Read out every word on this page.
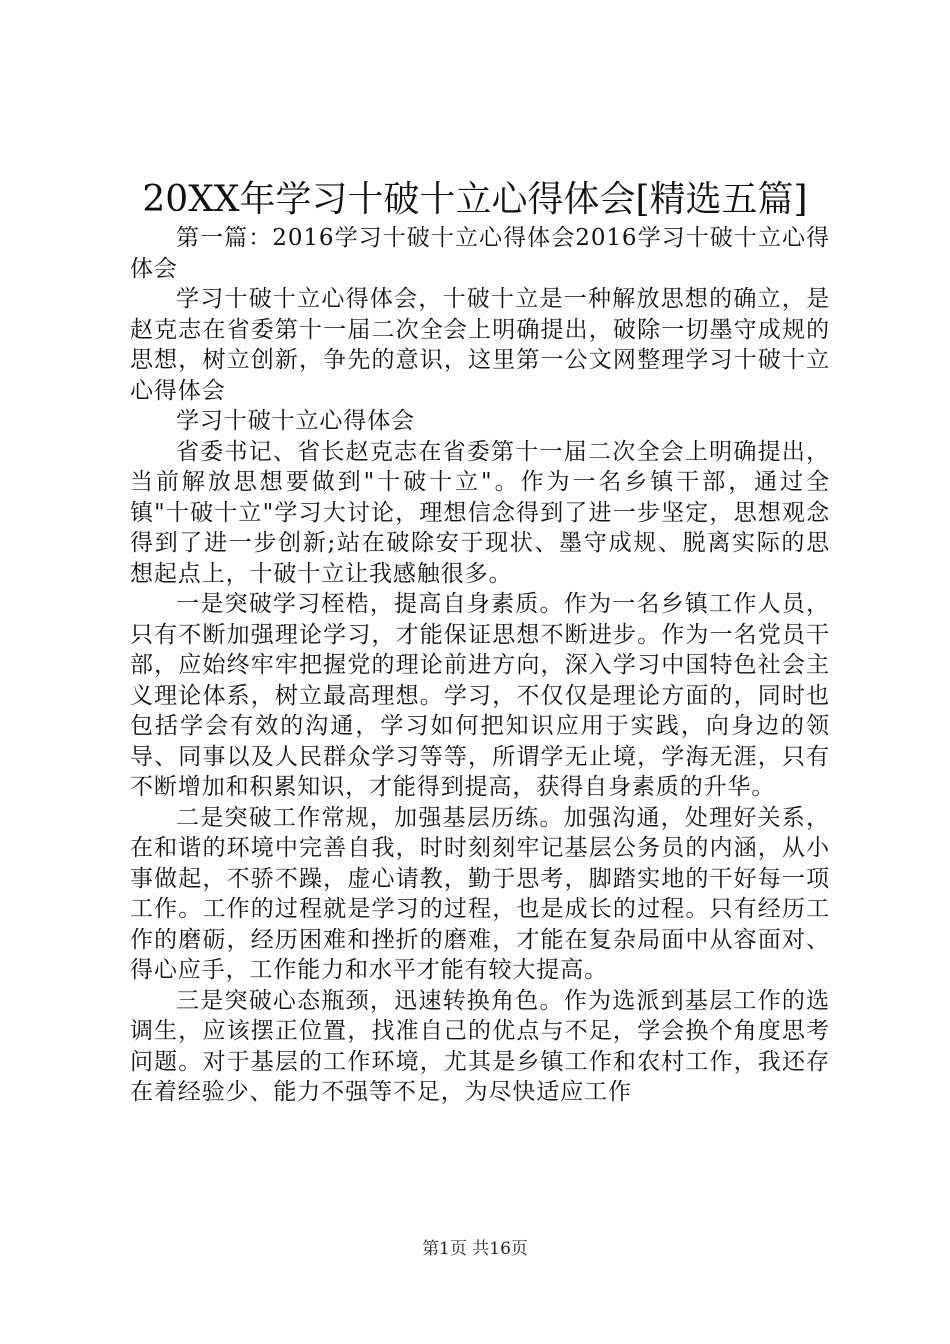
20XX年学习十破十立心得体会[精选五篇]

第一篇：2016学习十破十立心得体会2016学习十破十立心得体会

学习十破十立心得体会，十破十立是一种解放思想的确立，是赵克志在省委第十一届二次全会上明确提出，破除一切墨守成规的思想，树立创新，争先的意识，这里第一公文网整理学习十破十立心得体会

学习十破十立心得体会

省委书记、省长赵克志在省委第十一届二次全会上明确提出，当前解放思想要做到"十破十立"。作为一名乡镇干部，通过全镇"十破十立"学习大讨论，理想信念得到了进一步坚定，思想观念得到了进一步创新;站在破除安于现状、墨守成规、脱离实际的思想起点上，十破十立让我感触很多。

一是突破学习桎梏，提高自身素质。作为一名乡镇工作人员，只有不断加强理论学习，才能保证思想不断进步。作为一名党员干部，应始终牢牢把握党的理论前进方向，深入学习中国特色社会主义理论体系，树立最高理想。学习，不仅仅是理论方面的，同时也包括学会有效的沟通，学习如何把知识应用于实践，向身边的领导、同事以及人民群众学习等等，所谓学无止境，学海无涯，只有不断增加和积累知识，才能得到提高，获得自身素质的升华。

二是突破工作常规，加强基层历练。加强沟通，处理好关系，在和谐的环境中完善自我，时时刻刻牢记基层公务员的内涵，从小事做起，不骄不躁，虚心请教，勤于思考，脚踏实地的干好每一项工作。工作的过程就是学习的过程，也是成长的过程。只有经历工作的磨砺，经历困难和挫折的磨难，才能在复杂局面中从容面对、得心应手，工作能力和水平才能有较大提高。

三是突破心态瓶颈，迅速转换角色。作为选派到基层工作的选调生，应该摆正位置，找准自己的优点与不足，学会换个角度思考问题。对于基层的工作环境，尤其是乡镇工作和农村工作，我还存在着经验少、能力不强等不足，为尽快适应工作

第1页 共16页
